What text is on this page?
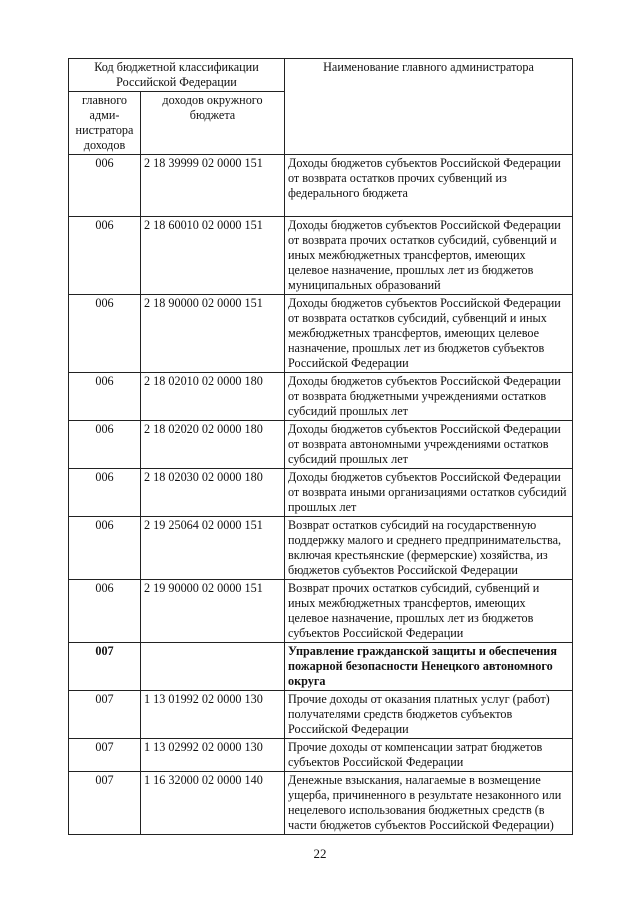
Код бюджетной классификации Российской Федерации		Наименование главного администратора
главного адми-нистратора доходов	доходов окружного бюджета	
006	2 18 39999 02 0000 151	Доходы бюджетов субъектов Российской Федерации от возврата остатков прочих субвенций из федерального бюджета
006	2 18 60010 02 0000 151	Доходы бюджетов субъектов Российской Федерации от возврата прочих остатков субсидий, субвенций и иных межбюджетных трансфертов, имеющих целевое назначение, прошлых лет из бюджетов муниципальных образований
006	2 18 90000 02 0000 151	Доходы бюджетов субъектов Российской Федерации от возврата остатков субсидий, субвенций и иных межбюджетных трансфертов, имеющих целевое назначение, прошлых лет из бюджетов субъектов Российской Федерации
006	2 18 02010 02 0000 180	Доходы бюджетов субъектов Российской Федерации от возврата бюджетными учреждениями остатков субсидий прошлых лет
006	2 18 02020 02 0000 180	Доходы бюджетов субъектов Российской Федерации от возврата автономными учреждениями остатков субсидий прошлых лет
006	2 18 02030 02 0000 180	Доходы бюджетов субъектов Российской Федерации от возврата иными организациями остатков субсидий прошлых лет
006	2 19 25064 02 0000 151	Возврат остатков субсидий на государственную поддержку малого и среднего предпринимательства, включая крестьянские (фермерские) хозяйства, из бюджетов субъектов Российской Федерации
006	2 19 90000 02 0000 151	Возврат прочих остатков субсидий, субвенций и иных межбюджетных трансфертов, имеющих целевое назначение, прошлых лет из бюджетов субъектов Российской Федерации
007		Управление гражданской защиты и обеспечения пожарной безопасности Ненецкого автономного округа
007	1 13 01992 02 0000 130	Прочие доходы от оказания платных услуг (работ) получателями средств бюджетов субъектов Российской Федерации
007	1 13 02992 02 0000 130	Прочие доходы от компенсации затрат бюджетов субъектов Российской Федерации
007	1 16 32000 02 0000 140	Денежные взыскания, налагаемые в возмещение ущерба, причиненного в результате незаконного или нецелевого использования бюджетных средств (в части бюджетов субъектов Российской Федерации)
22
